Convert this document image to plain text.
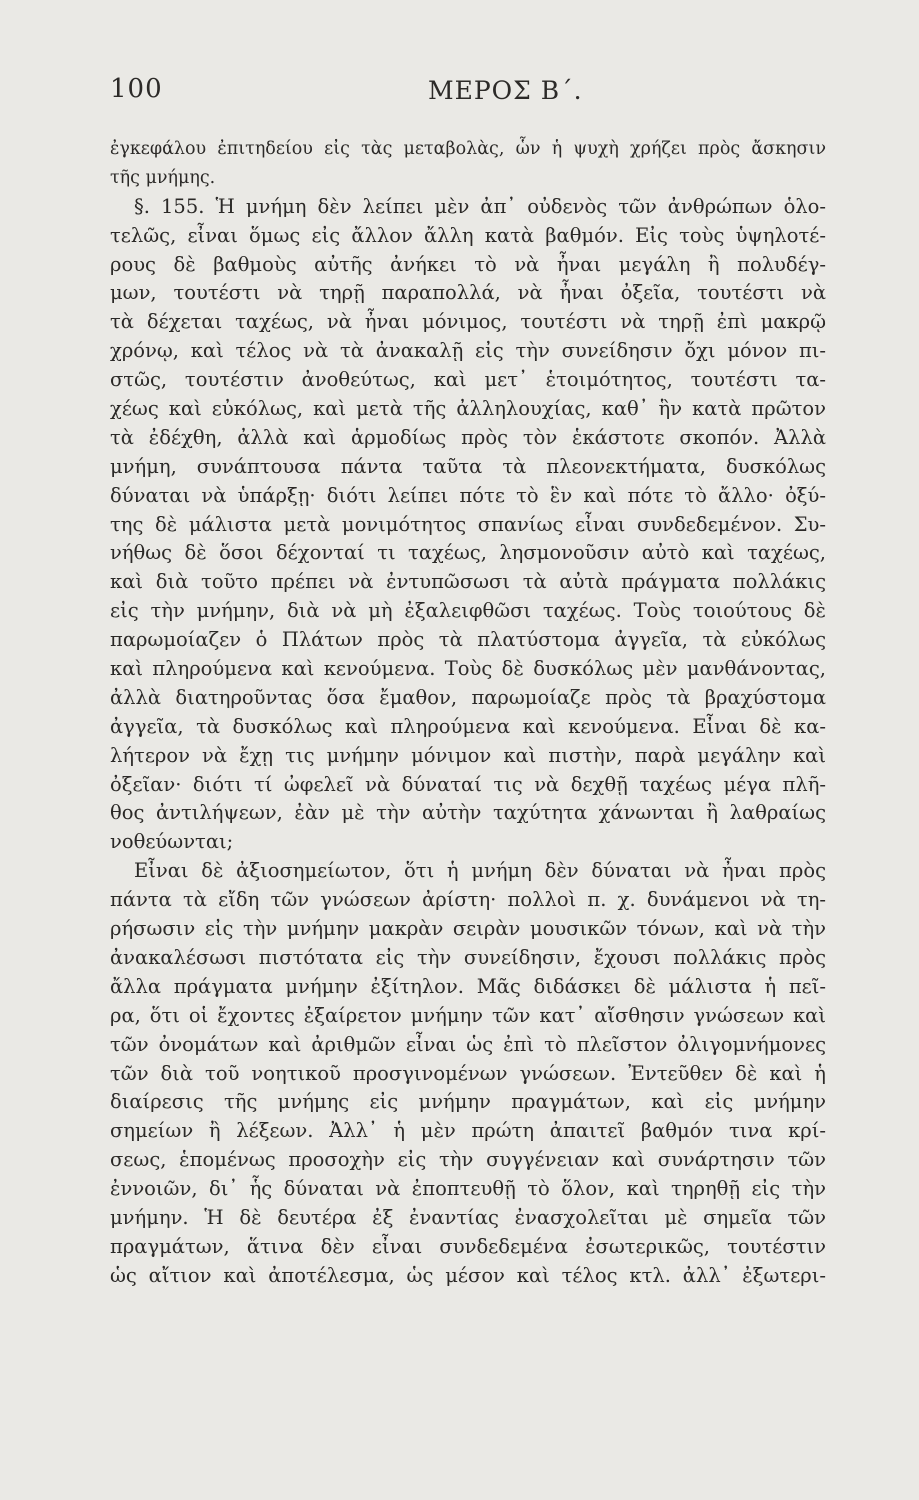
100	ΜΕΡΟΣ Β΄.
ἐγκεφάλου ἐπιτηδείου εἰς τὰς μεταβολὰς, ὧν ἡ ψυχὴ χρήζει πρὸς ἄσκησιν
τῆς μνήμης.
§. 155. Ἡ μνήμη δὲν λείπει μὲν ἀπ᾽ οὐδενὸς τῶν ἀνθρώπων ὁλο-
τελῶς, εἶναι ὅμως εἰς ἄλλον ἄλλη κατὰ βαθμόν. Εἰς τοὺς ὑψηλοτέ-
ρους δὲ βαθμοὺς αὐτῆς ἀνήκει τὸ νὰ ἦναι μεγάλη ἢ πολυδέγ-
μων, τουτέστι νὰ τηρῇ παραπολλά, νὰ ἦναι ὀξεῖα, τουτέστι νὰ
τὰ δέχεται ταχέως, νὰ ἦναι μόνιμος, τουτέστι νὰ τηρῇ ἐπὶ μακρῷ
χρόνῳ, καὶ τέλος νὰ τὰ ἀνακαλῇ εἰς τὴν συνείδησιν ὄχι μόνον πι-
στῶς, τουτέστιν ἀνοθεύτως, καὶ μετ᾽ ἑτοιμότητος, τουτέστι τα-
χέως καὶ εὐκόλως, καὶ μετὰ τῆς ἀλληλουχίας, καθ᾽ ἣν κατὰ πρῶτον
τὰ ἐδέχθη, ἀλλὰ καὶ ἁρμοδίως πρὸς τὸν ἑκάστοτε σκοπόν. Ἀλλὰ
μνήμη, συνάπτουσα πάντα ταῦτα τὰ πλεονεκτήματα, δυσκόλως
δύναται νὰ ὑπάρξῃ· διότι λείπει πότε τὸ ἓν καὶ πότε τὸ ἄλλο· ὀξύ-
της δὲ μάλιστα μετὰ μονιμότητος σπανίως εἶναι συνδεδεμένον. Συ-
νήθως δὲ ὅσοι δέχονταί τι ταχέως, λησμονοῦσιν αὐτὸ καὶ ταχέως,
καὶ διὰ τοῦτο πρέπει νὰ ἐντυπῶσωσι τὰ αὐτὰ πράγματα πολλάκις
εἰς τὴν μνήμην, διὰ νὰ μὴ ἐξαλειφθῶσι ταχέως. Τοὺς τοιούτους δὲ
παρωμοίαζεν ὁ Πλάτων πρὸς τὰ πλατύστομα ἀγγεῖα, τὰ εὐκόλως
καὶ πληρούμενα καὶ κενούμενα. Τοὺς δὲ δυσκόλως μὲν μανθάνοντας,
ἀλλὰ διατηροῦντας ὅσα ἔμαθον, παρωμοίαζε πρὸς τὰ βραχύστομα
ἀγγεῖα, τὰ δυσκόλως καὶ πληρούμενα καὶ κενούμενα. Εἶναι δὲ κα-
λήτερον νὰ ἔχῃ τις μνήμην μόνιμον καὶ πιστὴν, παρὰ μεγάλην καὶ
ὀξεῖαν· διότι τί ὠφελεῖ νὰ δύναταί τις νὰ δεχθῇ ταχέως μέγα πλῆ-
θος ἀντιλήψεων, ἐὰν μὲ τὴν αὐτὴν ταχύτητα χάνωνται ἢ λαθραίως
νοθεύωνται;
Εἶναι δὲ ἀξιοσημείωτον, ὅτι ἡ μνήμη δὲν δύναται νὰ ἦναι πρὸς
πάντα τὰ εἴδη τῶν γνώσεων ἀρίστη· πολλοὶ π. χ. δυνάμενοι νὰ τη-
ρήσωσιν εἰς τὴν μνήμην μακρὰν σειρὰν μουσικῶν τόνων, καὶ νὰ τὴν
ἀνακαλέσωσι πιστότατα εἰς τὴν συνείδησιν, ἔχουσι πολλάκις πρὸς
ἄλλα πράγματα μνήμην ἐξίτηλον. Μᾶς διδάσκει δὲ μάλιστα ἡ πεῖ-
ρα, ὅτι οἱ ἔχοντες ἐξαίρετον μνήμην τῶν κατ᾽ αἴσθησιν γνώσεων καὶ
τῶν ὀνομάτων καὶ ἀριθμῶν εἶναι ὡς ἐπὶ τὸ πλεῖστον ὀλιγομνήμονες
τῶν διὰ τοῦ νοητικοῦ προσγινομένων γνώσεων. Ἐντεῦθεν δὲ καὶ ἡ
διαίρεσις τῆς μνήμης εἰς μνήμην πραγμάτων, καὶ εἰς μνήμην
σημείων ἢ λέξεων. Ἀλλ᾽ ἡ μὲν πρώτη ἀπαιτεῖ βαθμόν τινα κρί-
σεως, ἑπομένως προσοχὴν εἰς τὴν συγγένειαν καὶ συνάρτησιν τῶν
ἐννοιῶν, δι᾽ ἧς δύναται νὰ ἐποπτευθῇ τὸ ὅλον, καὶ τηρηθῇ εἰς τὴν
μνήμην. Ἡ δὲ δευτέρα ἐξ ἐναντίας ἐνασχολεῖται μὲ σημεῖα τῶν
πραγμάτων, ἅτινα δὲν εἶναι συνδεδεμένα ἐσωτερικῶς, τουτέστιν
ὡς αἴτιον καὶ ἀποτέλεσμα, ὡς μέσον καὶ τέλος κτλ. ἀλλ᾽ ἐξωτερι-
